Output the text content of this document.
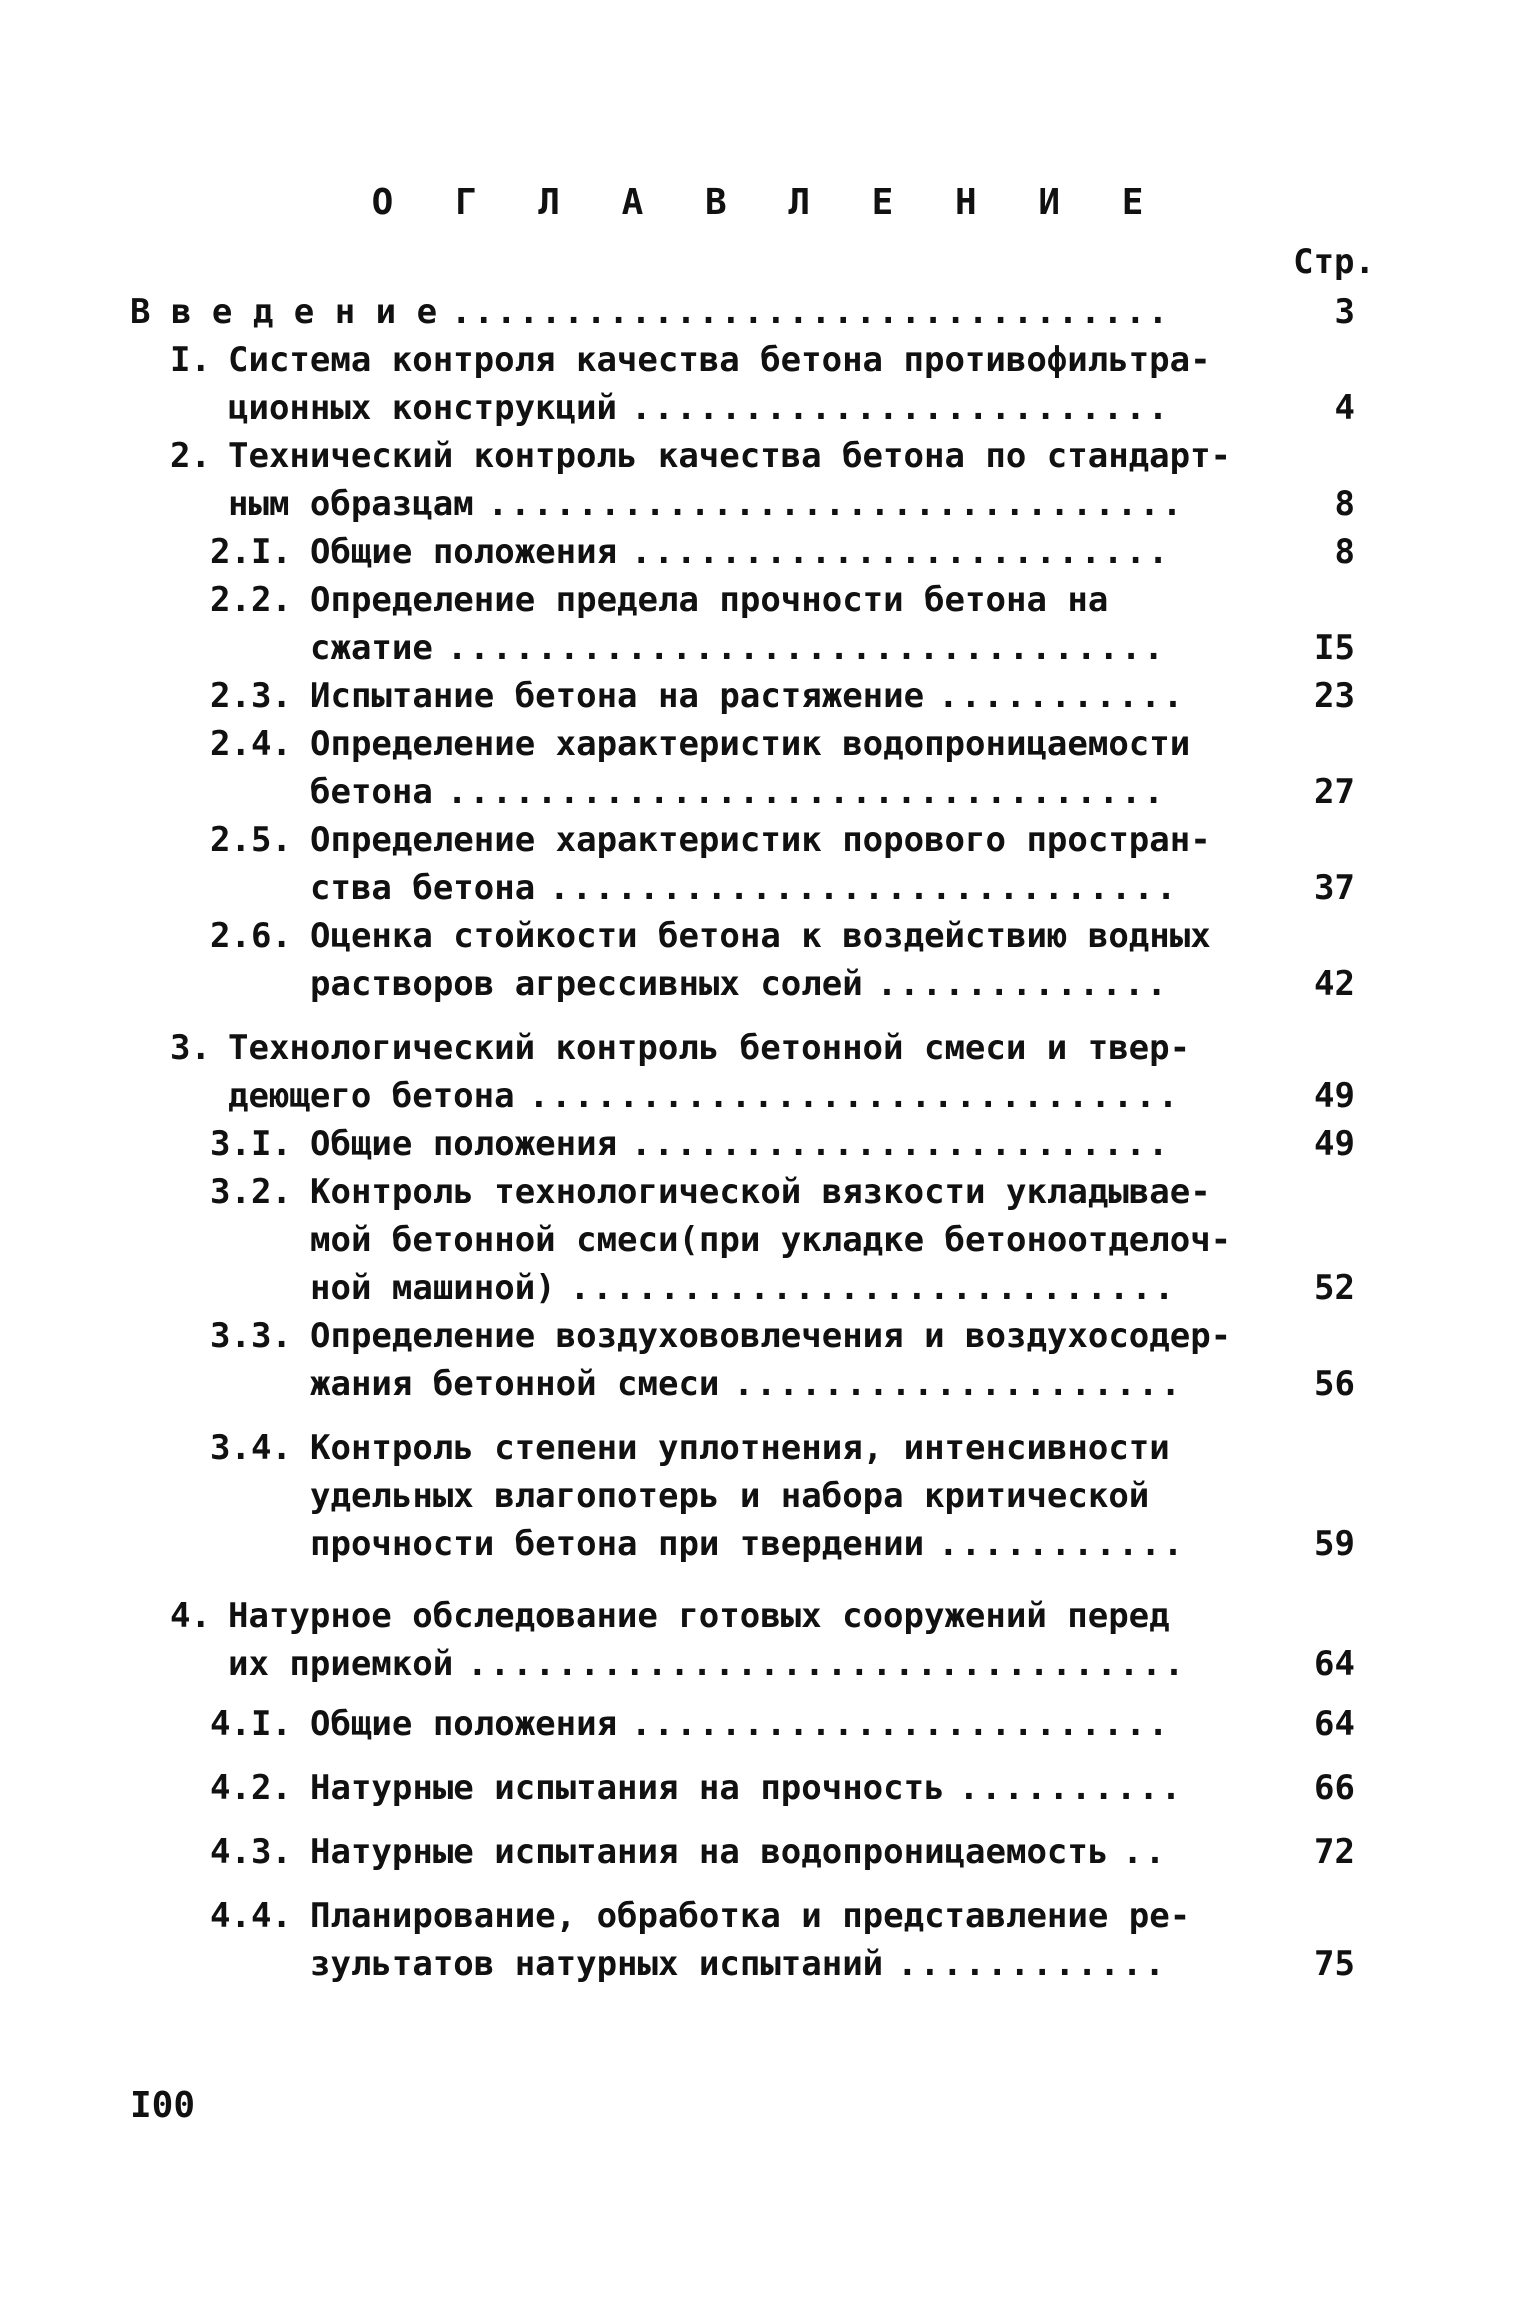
О Г Л А В Л Е Н И Е
Стр.
В в е д е н и е ................................	3
I. Система контроля качества бетона противофильтра-
ционных конструкций ........................	4
2. Технический контроль качества бетона по стандарт-
ным образцам ...............................	8
2.I. Общие положения ........................	8
2.2. Определение предела прочности бетона на
сжатие ................................	I5
2.3. Испытание бетона на растяжение ...........	23
2.4. Определение характеристик водопроницаемости
бетона ................................	27
2.5. Определение характеристик порового простран-
ства бетона ............................	37
2.6. Оценка стойкости бетона к воздействию водных
растворов агрессивных солей .............	42
3. Технологический контроль бетонной смеси и твер-
деющего бетона .............................	49
3.I. Общие положения ........................	49
3.2. Контроль технологической вязкости укладывае-
мой бетонной смеси(при укладке бетоноотделоч-
ной машиной) ...........................	52
3.3. Определение воздухововлечения и воздухосодер-
жания бетонной смеси ....................	56
3.4. Контроль степени уплотнения, интенсивности
удельных влагопотерь и набора критической
прочности бетона при твердении ...........	59
4. Натурное обследование готовых сооружений перед
их приемкой ................................	64
4.I. Общие положения ........................	64
4.2. Натурные испытания на прочность ..........	66
4.3. Натурные испытания на водопроницаемость ..	72
4.4. Планирование, обработка и представление ре-
зультатов натурных испытаний ............	75
I00
